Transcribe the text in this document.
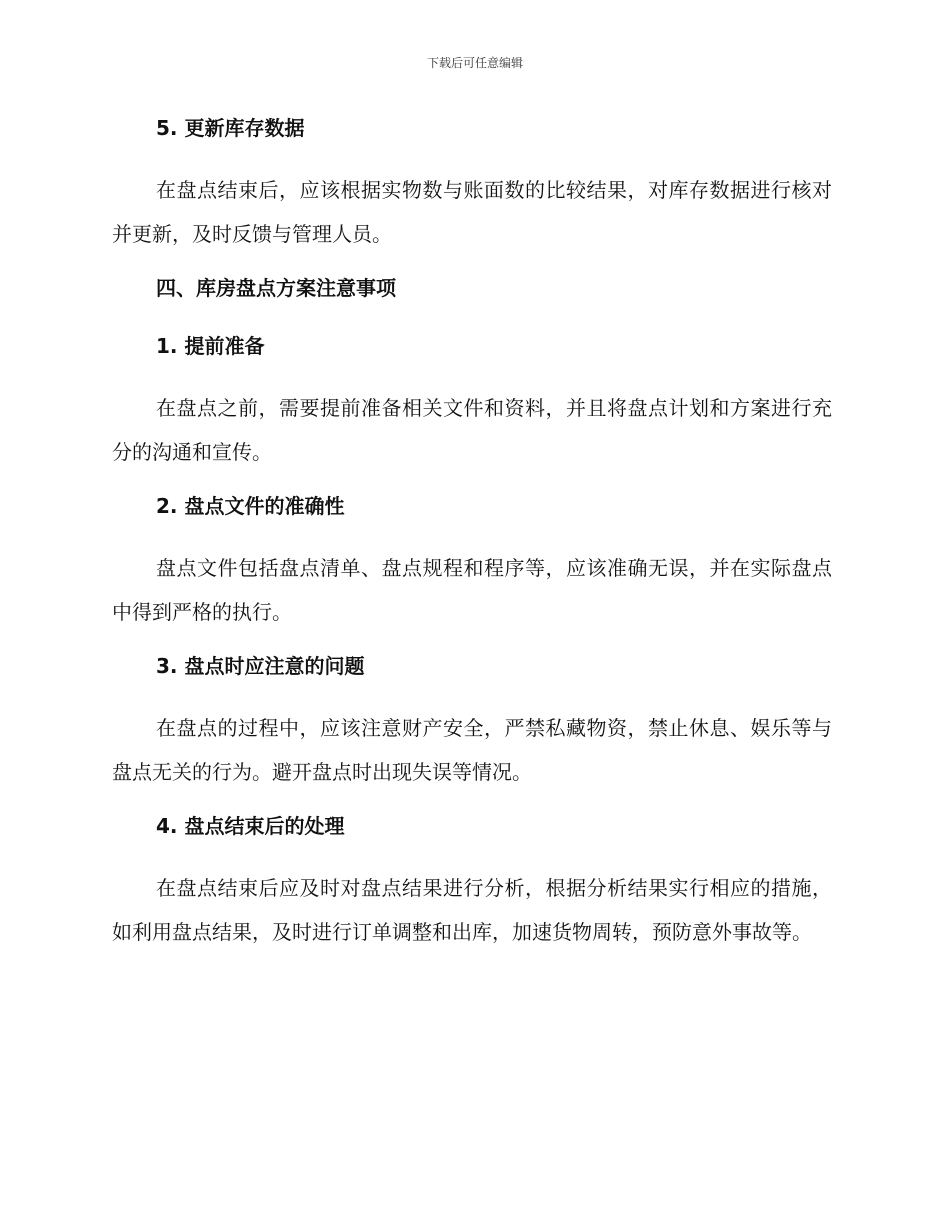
下载后可任意编辑
5. 更新库存数据

在盘点结束后，应该根据实物数与账面数的比较结果，对库存数据进行核对并更新，及时反馈与管理人员。

四、库房盘点方案注意事项
1. 提前准备

在盘点之前，需要提前准备相关文件和资料，并且将盘点计划和方案进行充分的沟通和宣传。

2. 盘点文件的准确性

盘点文件包括盘点清单、盘点规程和程序等，应该准确无误，并在实际盘点中得到严格的执行。

3. 盘点时应注意的问题

在盘点的过程中，应该注意财产安全，严禁私藏物资，禁止休息、娱乐等与盘点无关的行为。避开盘点时出现失误等情况。

4. 盘点结束后的处理

在盘点结束后应及时对盘点结果进行分析，根据分析结果实行相应的措施，如利用盘点结果，及时进行订单调整和出库，加速货物周转，预防意外事故等。
